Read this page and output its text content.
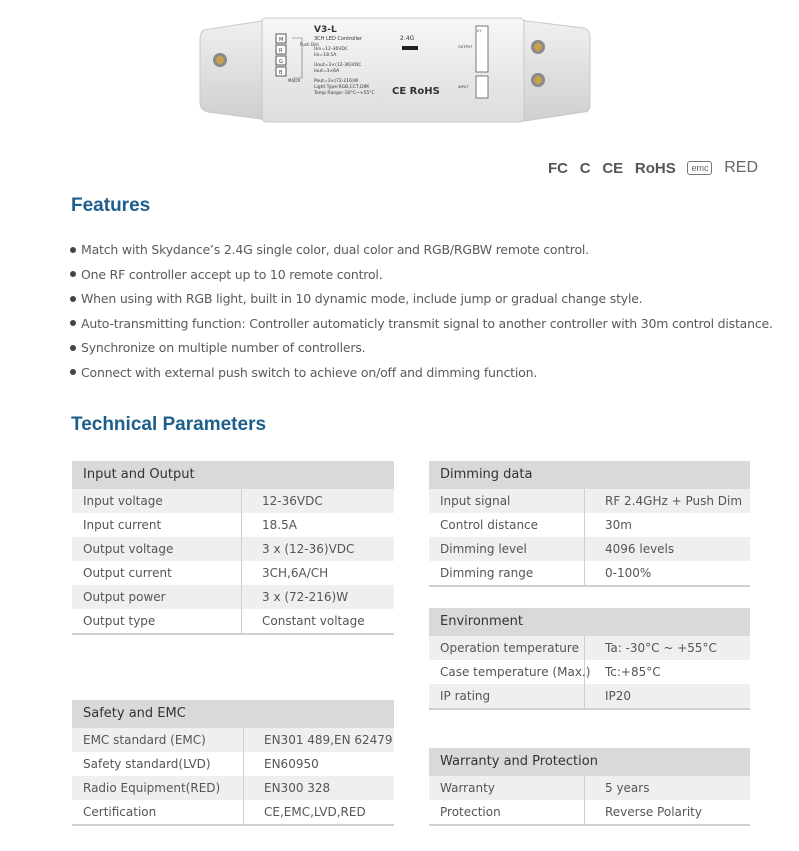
M
R
G
B
Match
Push Dim
V3-L
3CH LED Controller
Uin=12-36VDC
Iin=18.5A
Uout=3×(12-36)VDC
Iout=3×6A
Pout=3×(72-216)W
Light Type:RGB,CCT,DIM
Temp Range:-30°C~+55°C
2.4G
CE RoHS
V+
OUTPUT
INPUT
FC C CE RoHS	emc RED
Features
Match with Skydance’s 2.4G single color, dual color and RGB/RGBW remote control.
One RF controller accept up to 10 remote control.
When using with RGB light, built in 10 dynamic mode, include jump or gradual change style.
Auto-transmitting function: Controller automaticly transmit signal to another controller with 30m control distance.
Synchronize on multiple number of controllers.
Connect with external push switch to achieve on/off and dimming function.
Technical Parameters
Input and Output
Input voltage	12-36VDC
Input current	18.5A
Output voltage	3 x (12-36)VDC
Output current	3CH,6A/CH
Output power	3 x (72-216)W
Output type	Constant voltage
Dimming data
Input signal	RF 2.4GHz + Push Dim
Control distance	30m
Dimming level	4096 levels
Dimming range	0-100%
Environment
Operation temperature	Ta: -30°C ~ +55°C
Case temperature (Max.)	Tc:+85°C
IP rating	IP20
Safety and EMC
EMC standard (EMC)	EN301 489,EN 62479
Safety standard(LVD)	EN60950
Radio Equipment(RED)	EN300 328
Certification	CE,EMC,LVD,RED
Warranty and Protection
Warranty	5 years
Protection	Reverse Polarity
